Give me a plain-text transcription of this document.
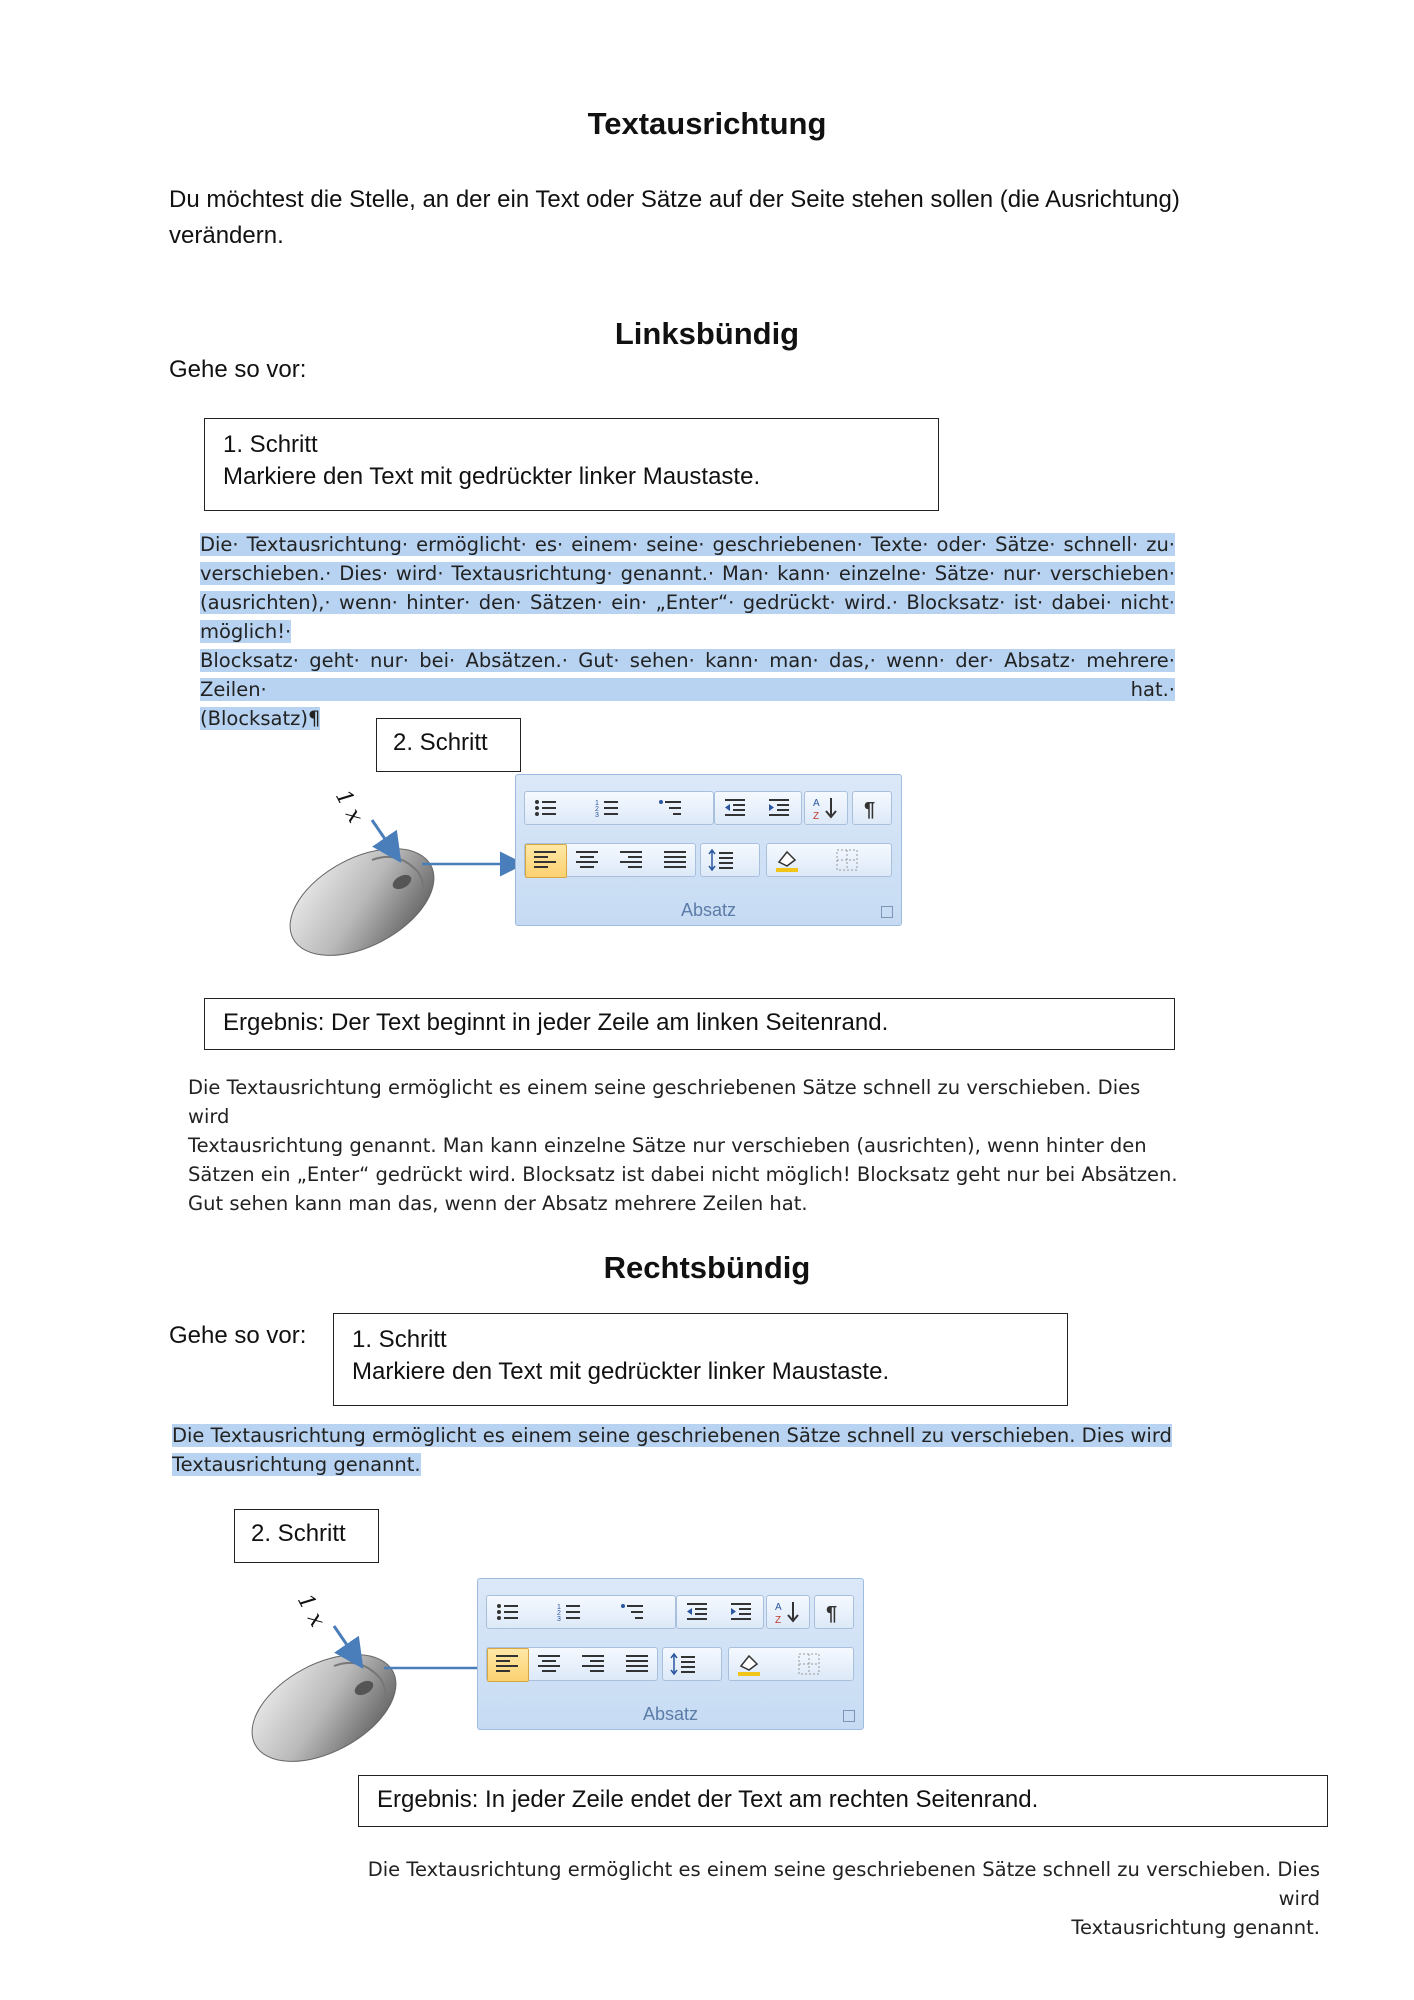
Textausrichtung
Du möchtest die Stelle, an der ein Text oder Sätze auf der Seite stehen sollen (die Ausrichtung) verändern.
Linksbündig
Gehe so vor:
1. Schritt
Markiere den Text mit gedrückter linker Maustaste.
Die· Textausrichtung· ermöglicht· es· einem· seine· geschriebenen· Texte· oder· Sätze· schnell· zu·
verschieben.· Dies· wird· Textausrichtung· genannt.· Man· kann· einzelne· Sätze· nur· verschieben·
(ausrichten),· wenn· hinter· den· Sätzen· ein· „Enter“· gedrückt· wird.· Blocksatz· ist· dabei· nicht· möglich!·
Blocksatz· geht· nur· bei· Absätzen.· Gut· sehen· kann· man· das,· wenn· der· Absatz· mehrere· Zeilen· hat.·
(Blocksatz)¶
2. Schritt
1 x	1
2
3
A
Z ¶
Absatz
Ergebnis: Der Text beginnt in jeder Zeile am linken Seitenrand.
Die Textausrichtung ermöglicht es einem seine geschriebenen Sätze schnell zu verschieben. Dies wird
Textausrichtung genannt. Man kann einzelne Sätze nur verschieben (ausrichten), wenn hinter den
Sätzen ein „Enter“ gedrückt wird. Blocksatz ist dabei nicht möglich! Blocksatz geht nur bei Absätzen.
Gut sehen kann man das, wenn der Absatz mehrere Zeilen hat.
Rechtsbündig
Gehe so vor: 1. Schritt
Markiere den Text mit gedrückter linker Maustaste.
Die Textausrichtung ermöglicht es einem seine geschriebenen Sätze schnell zu verschieben. Dies wird
Textausrichtung genannt.
2. Schritt
1 x	1
2
3
A
Z ¶
Absatz
Ergebnis: In jeder Zeile endet der Text am rechten Seitenrand.
Die Textausrichtung ermöglicht es einem seine geschriebenen Sätze schnell zu verschieben. Dies wird
Textausrichtung genannt.
